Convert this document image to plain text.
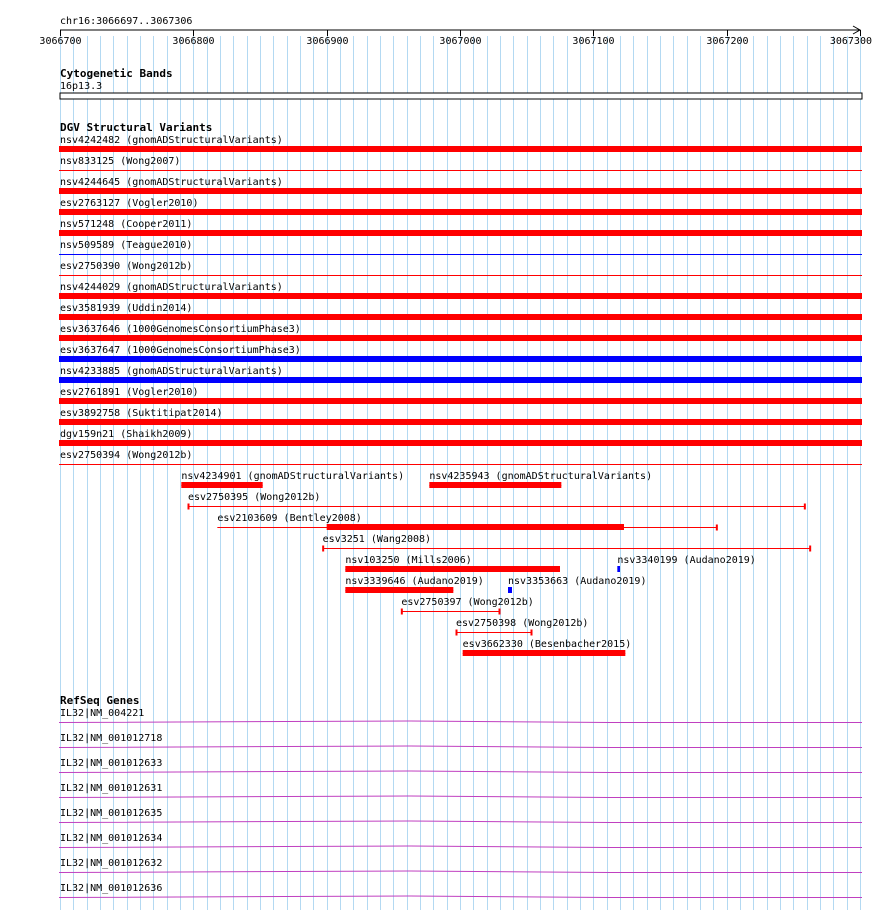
chr16:3066697..3067306
3066700	3066800	3066900	3067000	3067100	3067200	3067300
Cytogenetic Bands
16p13.3
DGV Structural Variants
nsv4242482 (gnomADStructuralVariants)
nsv833125 (Wong2007)
nsv4244645 (gnomADStructuralVariants)
esv2763127 (Vogler2010)
nsv571248 (Cooper2011)
nsv509589 (Teague2010)
esv2750390 (Wong2012b)
nsv4244029 (gnomADStructuralVariants)
esv3581939 (Uddin2014)
esv3637646 (1000GenomesConsortiumPhase3)
esv3637647 (1000GenomesConsortiumPhase3)
nsv4233885 (gnomADStructuralVariants)
esv2761891 (Vogler2010)
esv3892758 (Suktitipat2014)
dgv159n21 (Shaikh2009)
esv2750394 (Wong2012b)
nsv4234901 (gnomADStructuralVariants)	nsv4235943 (gnomADStructuralVariants)
esv2750395 (Wong2012b)
esv2103609 (Bentley2008)
esv3251 (Wang2008)
nsv103250 (Mills2006)	nsv3340199 (Audano2019)
nsv3339646 (Audano2019) nsv3353663 (Audano2019)
esv2750397 (Wong2012b)
esv2750398 (Wong2012b)
esv3662330 (Besenbacher2015)
RefSeq Genes
IL32|NM_004221
IL32|NM_001012718
IL32|NM_001012633
IL32|NM_001012631
IL32|NM_001012635
IL32|NM_001012634
IL32|NM_001012632
IL32|NM_001012636
